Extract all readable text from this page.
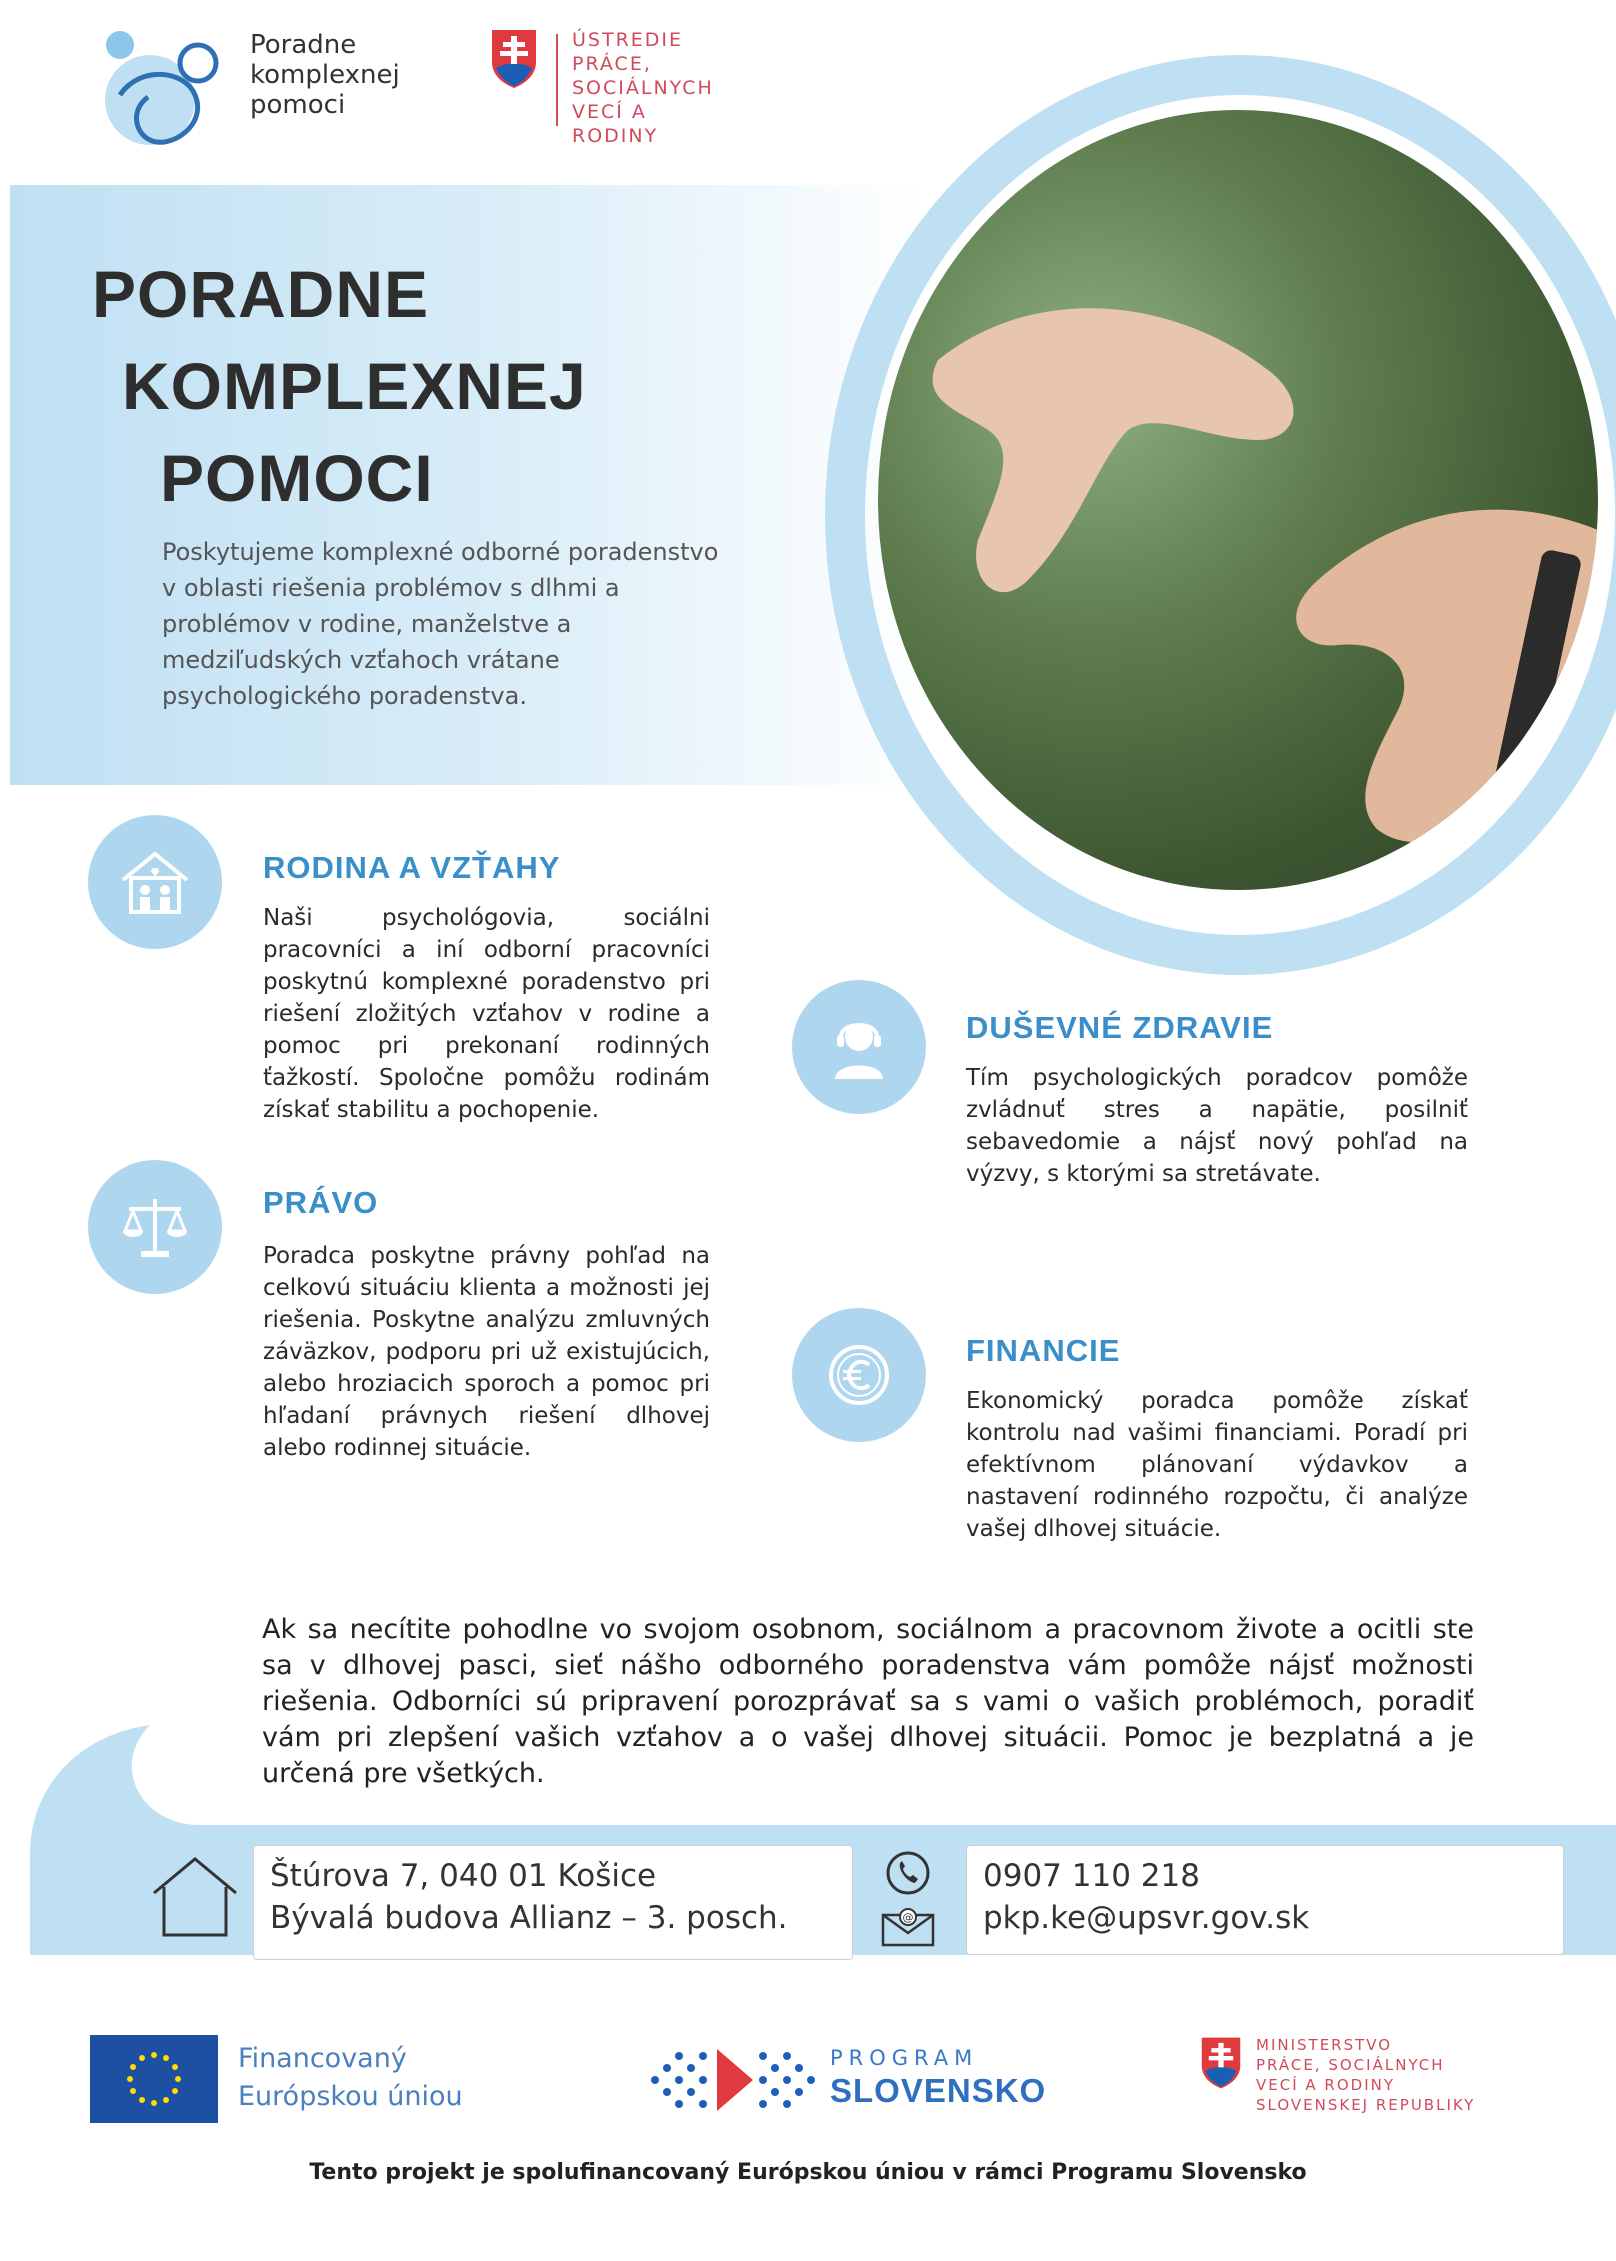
Poradne
komplexnej
pomoci
ÚSTREDIE
PRÁCE, SOCIÁLNYCH
VECÍ A RODINY
PORADNE
KOMPLEXNEJ
POMOCI
Poskytujeme komplexné odborné poradenstvo v oblasti riešenia problémov s dlhmi a problémov v rodine, manželstve a medziľudských vzťahoch vrátane psychologického poradenstva.
RODINA A VZŤAHY
Naši psychológovia, sociálni pracovníci a iní odborní pracovníci poskytnú komplexné poradenstvo pri riešení zložitých vzťahov v rodine a pomoc pri prekonaní rodinných ťažkostí. Spoločne pomôžu rodinám získať stabilitu a pochopenie.
DUŠEVNÉ ZDRAVIE
Tím psychologických poradcov pomôže zvládnuť stres a napätie, posilniť sebavedomie a nájsť nový pohľad na výzvy, s ktorými sa stretávate.
PRÁVO
Poradca poskytne právny pohľad na celkovú situáciu klienta a možnosti jej riešenia. Poskytne analýzu zmluvných záväzkov, podporu pri už existujúcich, alebo hroziacich sporoch a pomoc pri hľadaní právnych riešení dlhovej alebo rodinnej situácie.
FINANCIE
Ekonomický poradca pomôže získať kontrolu nad vašimi financiami. Poradí pri efektívnom plánovaní výdavkov a nastavení rodinného rozpočtu, či analýze vašej dlhovej situácie.
Ak sa necítite pohodlne vo svojom osobnom, sociálnom a pracovnom živote a ocitli ste sa v dlhovej pasci, sieť nášho odborného poradenstva vám pomôže nájsť možnosti riešenia. Odborníci sú pripravení porozprávať sa s vami o vašich problémoch, poradiť vám pri zlepšení vašich vzťahov a o vašej dlhovej situácii. Pomoc je bezplatná a je určená pre všetkých.
Štúrova 7, 040 01 Košice
Bývalá budova Allianz – 3. posch.	@
0907 110 218
pkp.ke@upsvr.gov.sk
Financovaný
Európskou úniou
PROGRAM
SLOVENSKO
MINISTERSTVO
PRÁCE, SOCIÁLNYCH
VECÍ A RODINY
SLOVENSKEJ REPUBLIKY
Tento projekt je spolufinancovaný Európskou úniou v rámci Programu Slovensko
